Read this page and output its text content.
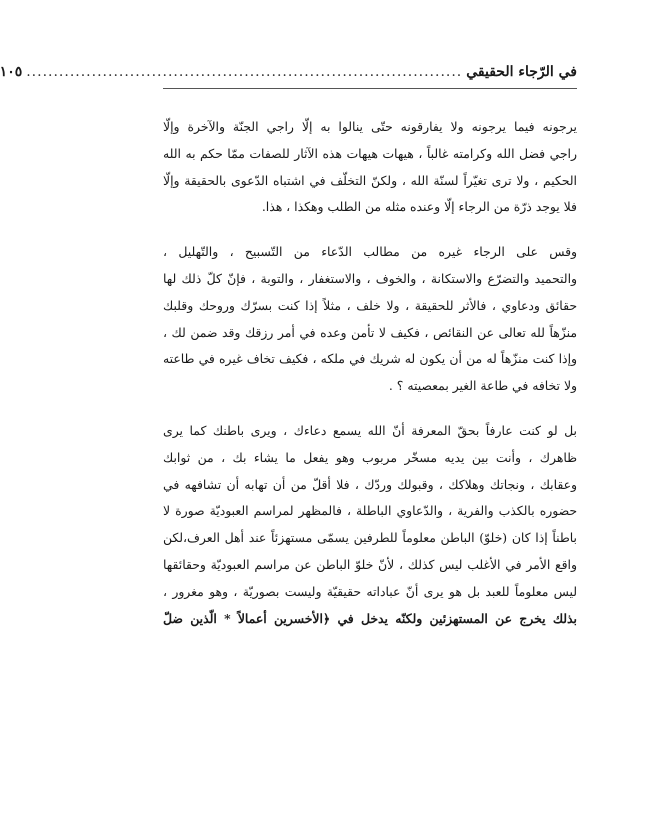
في الرّجاء الحقيقي
................................................................................
١٠٥
يرجونه فيما يرجونه ولا يفارقونه حتّى ينالوا به إلّا راجي الجنّة والآخرة وإلّا
راجي فضل الله وكرامته غالباً ، هيهات هيهات هذه الآثار للصفات ممّا حكم به الله
الحكيم ، ولا ترى تغيّراً لسنّة الله ، ولكنّ التخلّف في اشتباه الدّعوى بالحقيقة وإلّا
فلا يوجد ذرّة من الرجاء إلّا وعنده مثله من الطلب وهكذا ، هذا.
وقس على الرجاء غيره من مطالب الدّعاء من التّسبيح ، والتّهليل ،
والتحميد والتضرّع والاستكانة ، والخوف ، والاستغفار ، والتوبة ، فإنّ كلّ ذلك لها
حقائق ودعاوي ، فالأثر للحقيقة ، ولا خلف ، مثلاً إذا كنت بسرّك وروحك وقلبك
منزّهاً لله تعالى عن النقائص ، فكيف لا تأمن وعده في أمر رزقك وقد ضمن لك ،
وإذا كنت منزّهاً له من أن يكون له شريك في ملكه ، فكيف تخاف غيره في طاعته
ولا تخافه في طاعة الغير بمعصيته ؟ .
بل لو كنت عارفاً بحقّ المعرفة أنّ الله يسمع دعاءك ، ويرى باطنك كما يرى
ظاهرك ، وأنت بين يديه مسخّر مربوب وهو يفعل ما يشاء بك ، من ثوابك
وعقابك ، ونجاتك وهلاكك ، وقبولك وردّك ، فلا أقلّ من أن تهابه أن تشافهه في
حضوره بالكذب والفرية ، والدّعاوي الباطلة ، فالمظهر لمراسم العبوديّة صورة لا
باطناً إذا كان (خلوّ) الباطن معلوماً للطرفين يسمّى مستهزئاً عند أهل العرف،لكن
واقع الأمر في الأغلب ليس كذلك ، لأنّ خلوّ الباطن عن مراسم العبوديّة وحقائقها
ليس معلوماً للعبد بل هو يرى أنّ عباداته حقيقيّة وليست بصوريّة ، وهو مغرور ،
بذلك يخرج عن المستهزئين ولكنّه يدخل في ﴿الأخسرين أعمالاً * الّذين ضلّ
